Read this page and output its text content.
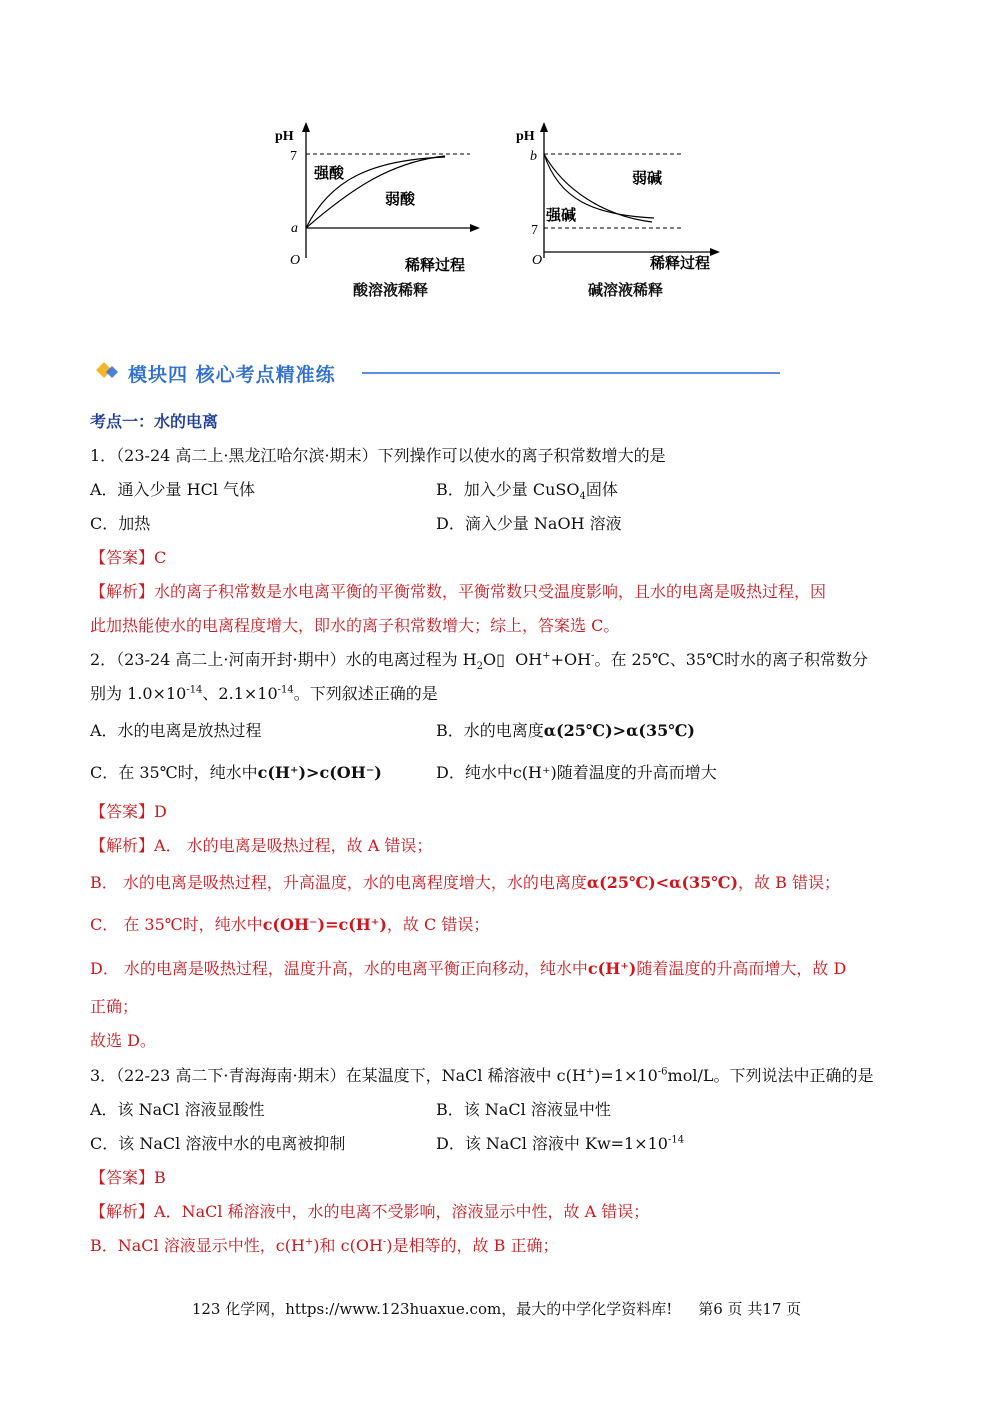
pH
7
a
O	稀释过程
强酸
弱酸
酸溶液稀释
pH
b
7
O	稀释过程
弱碱
强碱
碱溶液稀释
模块四 核心考点精准练
考点一：水的电离
1．（23-24 高二上·黑龙江哈尔滨·期末）下列操作可以使水的离子积常数增大的是
A．通入少量 HCl 气体	B．加入少量 CuSO$_4$固体
C．加热	D．滴入少量 NaOH 溶液
【答案】C
【解析】水的离子积常数是水电离平衡的平衡常数，平衡常数只受温度影响，且水的电离是吸热过程，因
此加热能使水的电离程度增大，即水的离子积常数增大；综上，答案选 C。
2．（23-24 高二上·河南开封·期中）水的电离过程为 $H_2O▯$ OH++OH-。在 25℃、35℃时水的离子积常数分
别为 $1.0\times 10^{-14}$、$2.1\times 10^{-14}$。下列叙述正确的是
A．水的电离是放热过程	B．水的电离度α(25℃)>α(35℃)
C．在 35℃时，纯水中c(H⁺)>c(OH⁻)	D．纯水中c(H⁺)随着温度的升高而增大
【答案】D
【解析】A． 水的电离是吸热过程，故 A 错误；
B． 水的电离是吸热过程，升高温度，水的电离程度增大，水的电离度α(25℃)<α(35℃)，故 B 错误；
C． 在 35℃时，纯水中c(OH⁻)=c(H⁺)，故 C 错误；
D． 水的电离是吸热过程，温度升高，水的电离平衡正向移动，纯水中c(H⁺)随着温度的升高而增大，故 D
正确；
故选 D。
3．（22-23 高二下·青海海南·期末）在某温度下，NaCl 稀溶液中 $c(H^+)=1\times 10^{-6}mol/L$。下列说法中正确的是
A．该 NaCl 溶液显酸性	B．该 NaCl 溶液显中性
C．该 NaCl 溶液中水的电离被抑制	D．该 NaCl 溶液中 $Kw=1\times 10^{-14}$
【答案】B
【解析】A．NaCl 稀溶液中，水的电离不受影响，溶液显示中性，故 A 错误；
B．NaCl 溶液显示中性，c(H+)和 c(OH-)是相等的，故 B 正确；
123 化学网，https://www.123huaxue.com，最大的中学化学资料库! 第6 页 共17 页
